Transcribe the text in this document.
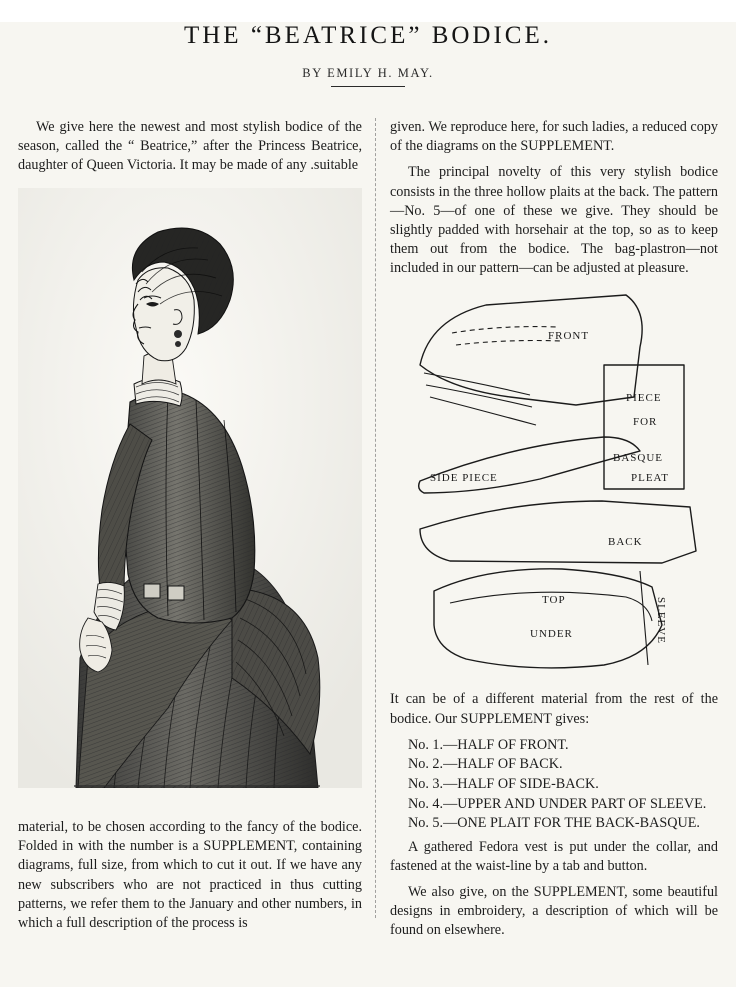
THE “BEATRICE” BODICE.
BY EMILY H. MAY.

We give here the newest and most stylish bodice of the season, called the “ Beatrice,” after the Princess Beatrice, daughter of Queen Victoria. It may be made of any .suitable

material, to be chosen according to the fancy of the bodice. Folded in with the number is a SUPPLEMENT, containing diagrams, full size, from which to cut it out. If we have any new subscribers who are not practiced in thus cutting patterns, we refer them to the January and other numbers, in which a full description of the process is

given. We reproduce here, for such ladies, a reduced copy of the diagrams on the SUPPLEMENT.

The principal novelty of this very stylish bodice consists in the three hollow plaits at the back. The pattern—No. 5—of one of these we give. They should be slightly padded with horsehair at the top, so as to keep them out from the bodice. The bag-plastron—not included in our pattern—can be adjusted at pleasure.

FRONT
SIDE PIECE
PIECE
FOR
BASQUE
PLEAT
BACK
TOP
UNDER	SLEEVE

It can be of a different material from the rest of the bodice. Our SUPPLEMENT gives:

No. 1.—HALF OF FRONT.
No. 2.—HALF OF BACK.
No. 3.—HALF OF SIDE-BACK.
No. 4.—UPPER AND UNDER PART OF SLEEVE.
No. 5.—ONE PLAIT FOR THE BACK-BASQUE.

A gathered Fedora vest is put under the collar, and fastened at the waist-line by a tab and button.

We also give, on the SUPPLEMENT, some beautiful designs in embroidery, a description of which will be found on elsewhere.
